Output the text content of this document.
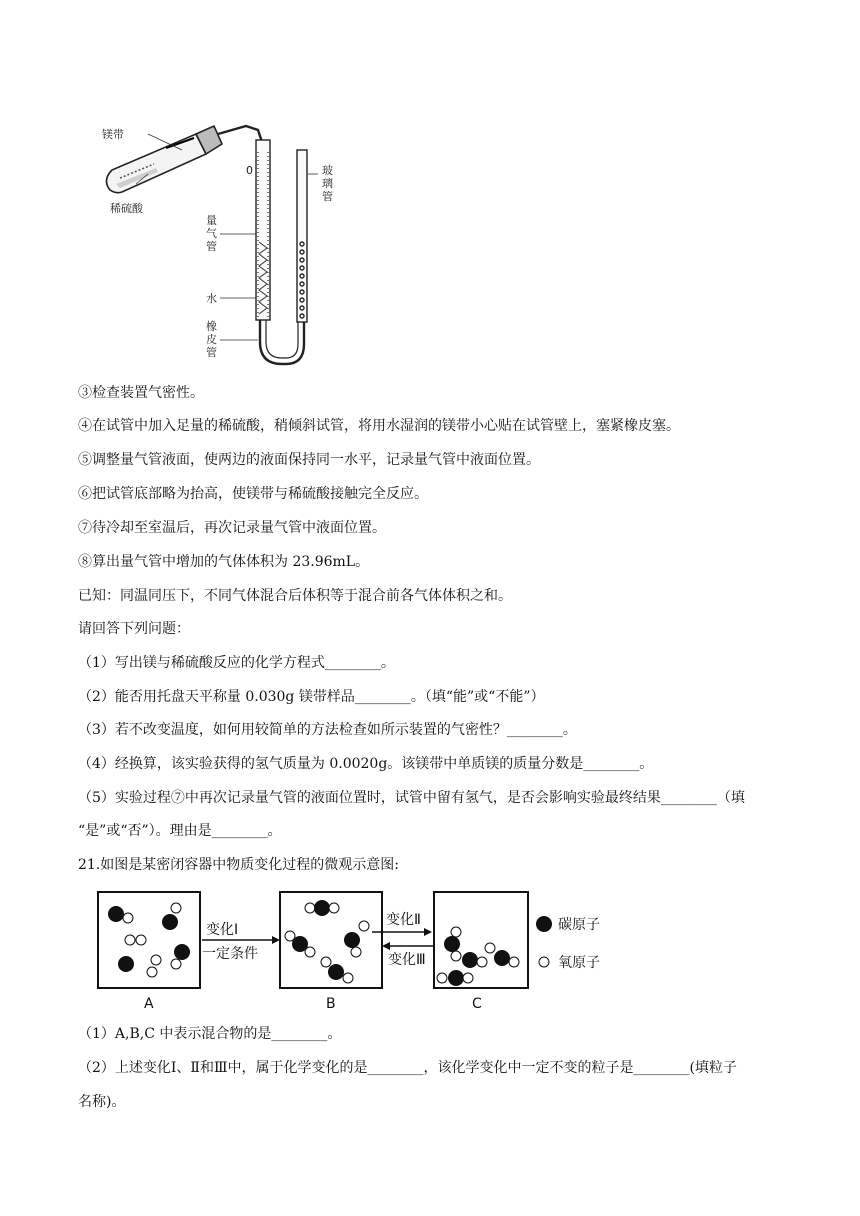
镁带
稀硫酸
0
量
气
管
水
橡
皮
管
玻
璃
管
③检查装置气密性。
④在试管中加入足量的稀硫酸，稍倾斜试管，将用水湿润的镁带小心贴在试管壁上，塞紧橡皮塞。
⑤调整量气管液面，使两边的液面保持同一水平，记录量气管中液面位置。
⑥把试管底部略为抬高，使镁带与稀硫酸接触完全反应。
⑦待冷却至室温后，再次记录量气管中液面位置。
⑧算出量气管中增加的气体体积为 23.96mL。
已知：同温同压下，不同气体混合后体积等于混合前各气体体积之和。
请回答下列问题：
（1）写出镁与稀硫酸反应的化学方程式________。
（2）能否用托盘天平称量 0.030g 镁带样品________。（填“能”或“不能”）
（3）若不改变温度，如何用较简单的方法检查如所示装置的气密性？________。
（4）经换算，该实验获得的氢气质量为 0.0020g。该镁带中单质镁的质量分数是________。
（5）实验过程⑦中再次记录量气管的液面位置时，试管中留有氢气，是否会影响实验最终结果________（填
“是”或“否”）。理由是________。
21.如图是某密闭容器中物质变化过程的微观示意图:
A
变化Ⅰ
一定条件
B
变化Ⅱ
变化Ⅲ
C
碳原子
氧原子
（1）A,B,C 中表示混合物的是________。
（2）上述变化Ⅰ、Ⅱ和Ⅲ中，属于化学变化的是________，该化学变化中一定不变的粒子是________(填粒子
名称)。
